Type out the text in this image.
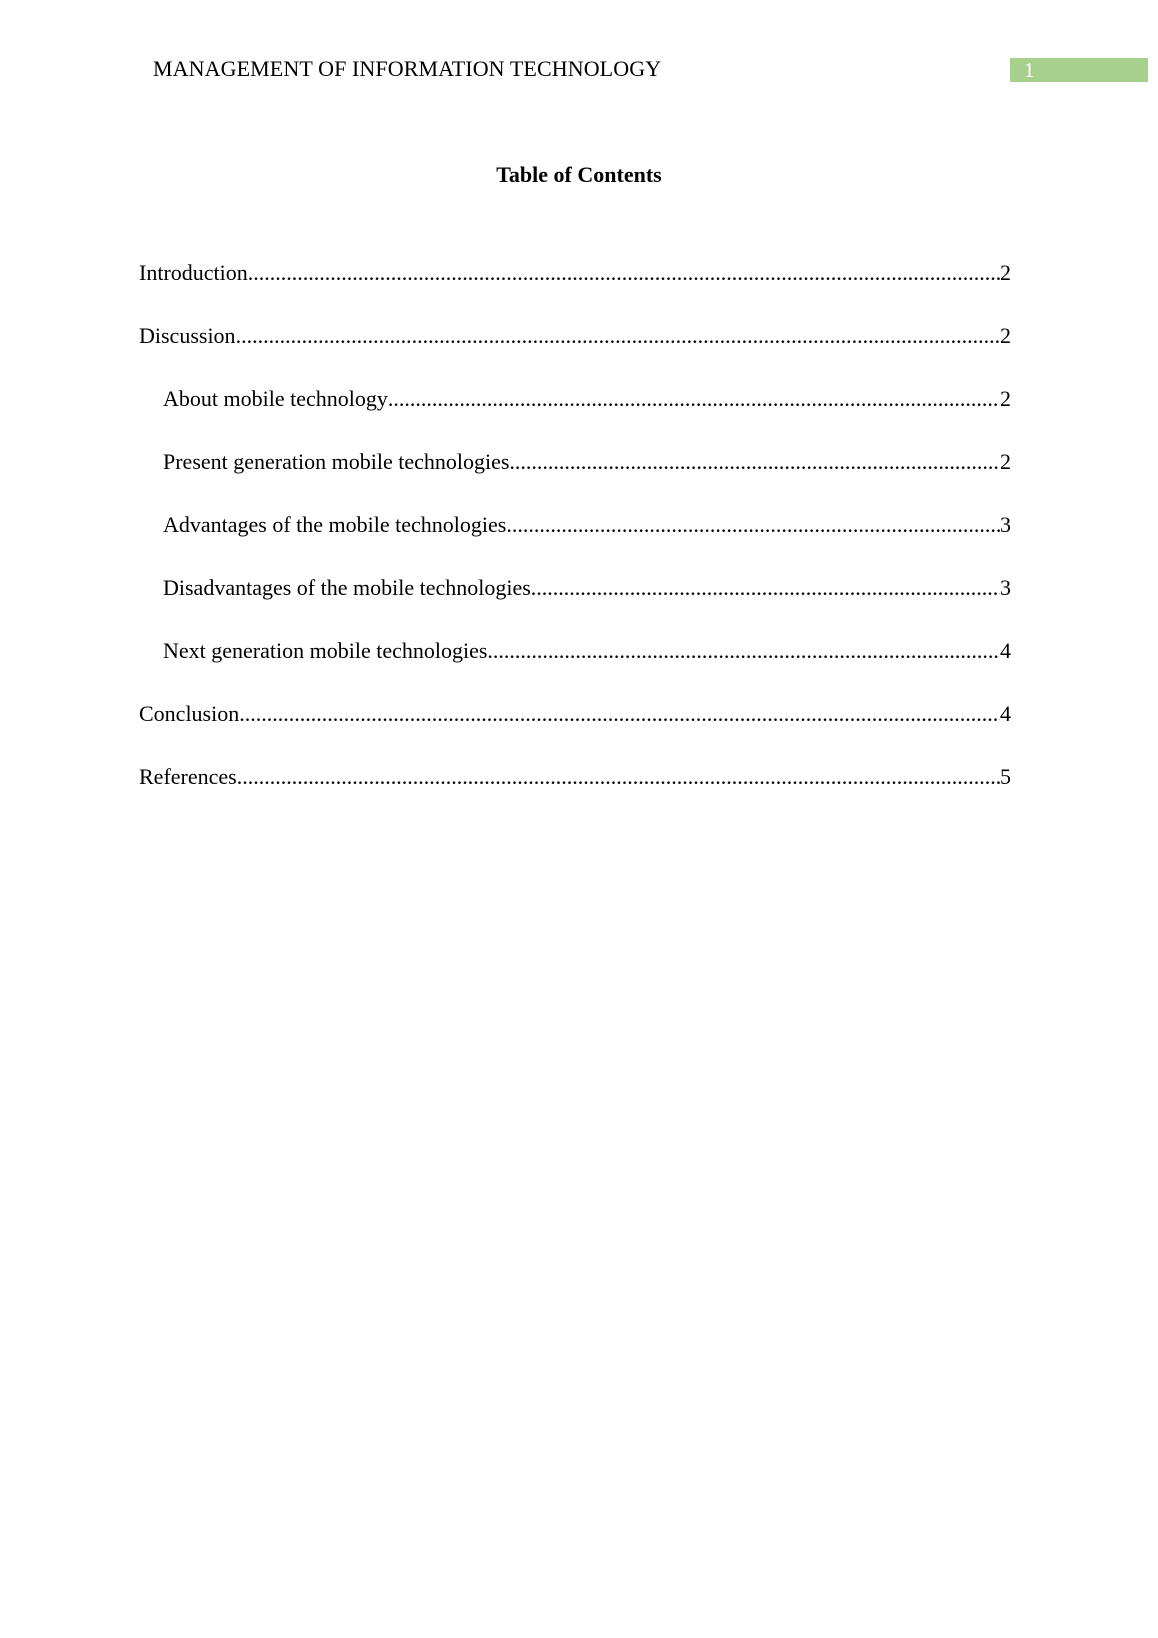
MANAGEMENT OF INFORMATION TECHNOLOGY	1
Table of Contents
Introduction .....	2
Discussion .....	2
About mobile technology .....	2
Present generation mobile technologies .....	2
Advantages of the mobile technologies .....	3
Disadvantages of the mobile technologies .....	3
Next generation mobile technologies .....	4
Conclusion .....	4
References .....	5
